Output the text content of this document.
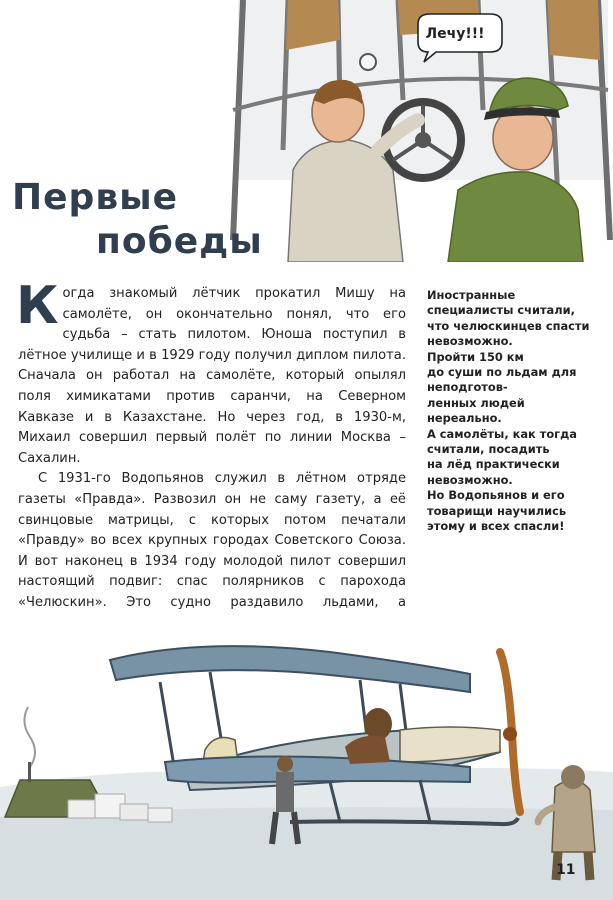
Лечу!!!
Первые
победы

Когда знакомый лётчик прокатил Мишу на самолёте, он окончательно понял, что его судьба – стать пилотом. Юноша поступил в лётное училище и в 1929 году получил диплом пилота. Сначала он работал на самолёте, который опылял поля химикатами против саранчи, на Северном Кавказе и в Казахстане. Но через год, в 1930-м, Михаил совершил первый полёт по линии Москва – Сахалин.

С 1931-го Водопьянов служил в лётном отряде газеты «Правда». Развозил он не саму газету, а её свинцовые матрицы, с которых потом печатали «Правду» во всех крупных городах Советского Союза. И вот наконец в 1934 году молодой пилот совершил настоящий подвиг: спас полярников с парохода «Челюскин». Это судно раздавило льдами, а

Иностранные
специалисты считали,
что челюскинцев спасти
невозможно.
Пройти 150 км
до суши по льдам для
неподготов-
ленных людей
нереально.
А самолёты, как тогда
считали, посадить
на лёд практически
невозможно.
Но Водопьянов и его
товарищи научились
этому и всех спасли!
11
